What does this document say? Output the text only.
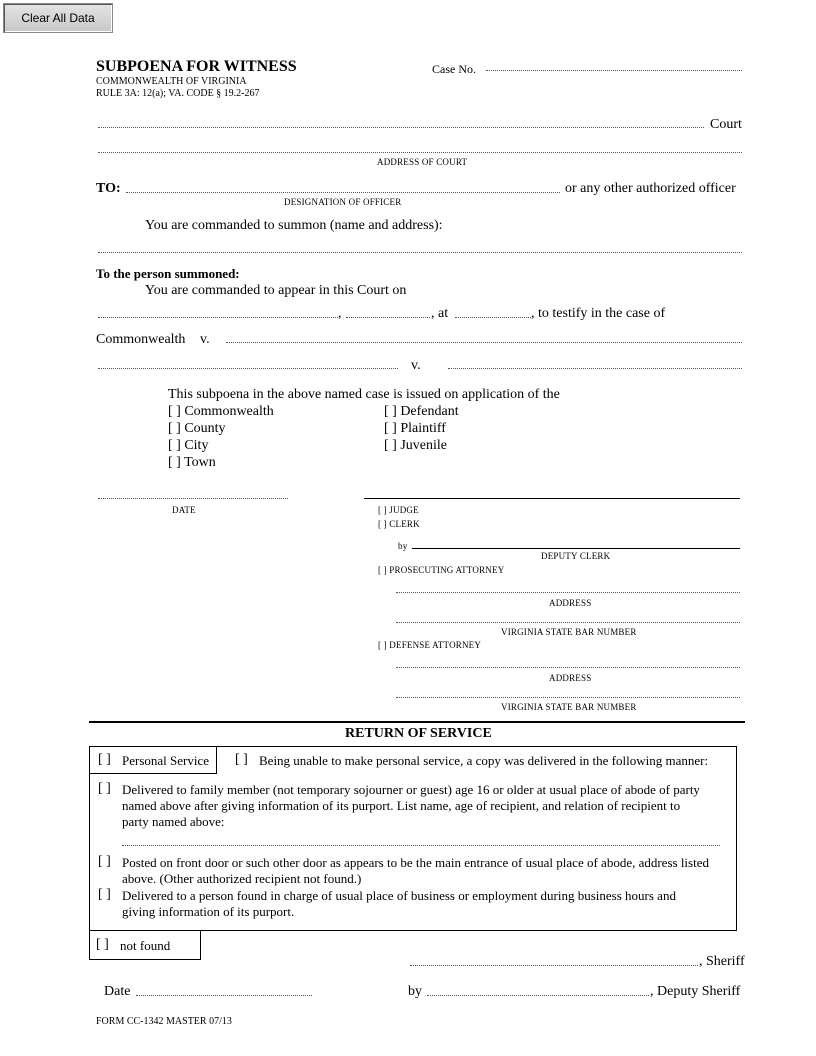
Clear All Data
SUBPOENA FOR WITNESS
COMMONWEALTH OF VIRGINIA
RULE 3A: 12(a); VA. CODE § 19.2-267
Case No.
Court
ADDRESS OF COURT
TO:	or any other authorized officer
DESIGNATION OF OFFICER
You are commanded to summon (name and address):
To the person summoned:
You are commanded to appear in this Court on
,	, at	, to testify in the case of
Commonwealth v.
v.
This subpoena in the above named case is issued on application of the
[ ] Commonwealth
[ ] County
[ ] City
[ ] Town
[ ] Defendant
[ ] Plaintiff
[ ] Juvenile
DATE	[ ] JUDGE
[ ] CLERK
by
DEPUTY CLERK
[ ] PROSECUTING ATTORNEY
ADDRESS
VIRGINIA STATE BAR NUMBER
[ ] DEFENSE ATTORNEY
ADDRESS
VIRGINIA STATE BAR NUMBER
RETURN OF SERVICE
[ ] Personal Service [ ] Being unable to make personal service, a copy was delivered in the following manner:
[ ] Delivered to family member (not temporary sojourner or guest) age 16 or older at usual place of abode of party
named above after giving information of its purport. List name, age of recipient, and relation of recipient to
party named above:
[ ] Posted on front door or such other door as appears to be the main entrance of usual place of abode, address listed
above. (Other authorized recipient not found.)
[ ] Delivered to a person found in charge of usual place of business or employment during business hours and
giving information of its purport.
[ ] not found
, Sheriff
Date	by	, Deputy Sheriff
FORM CC-1342 MASTER 07/13
